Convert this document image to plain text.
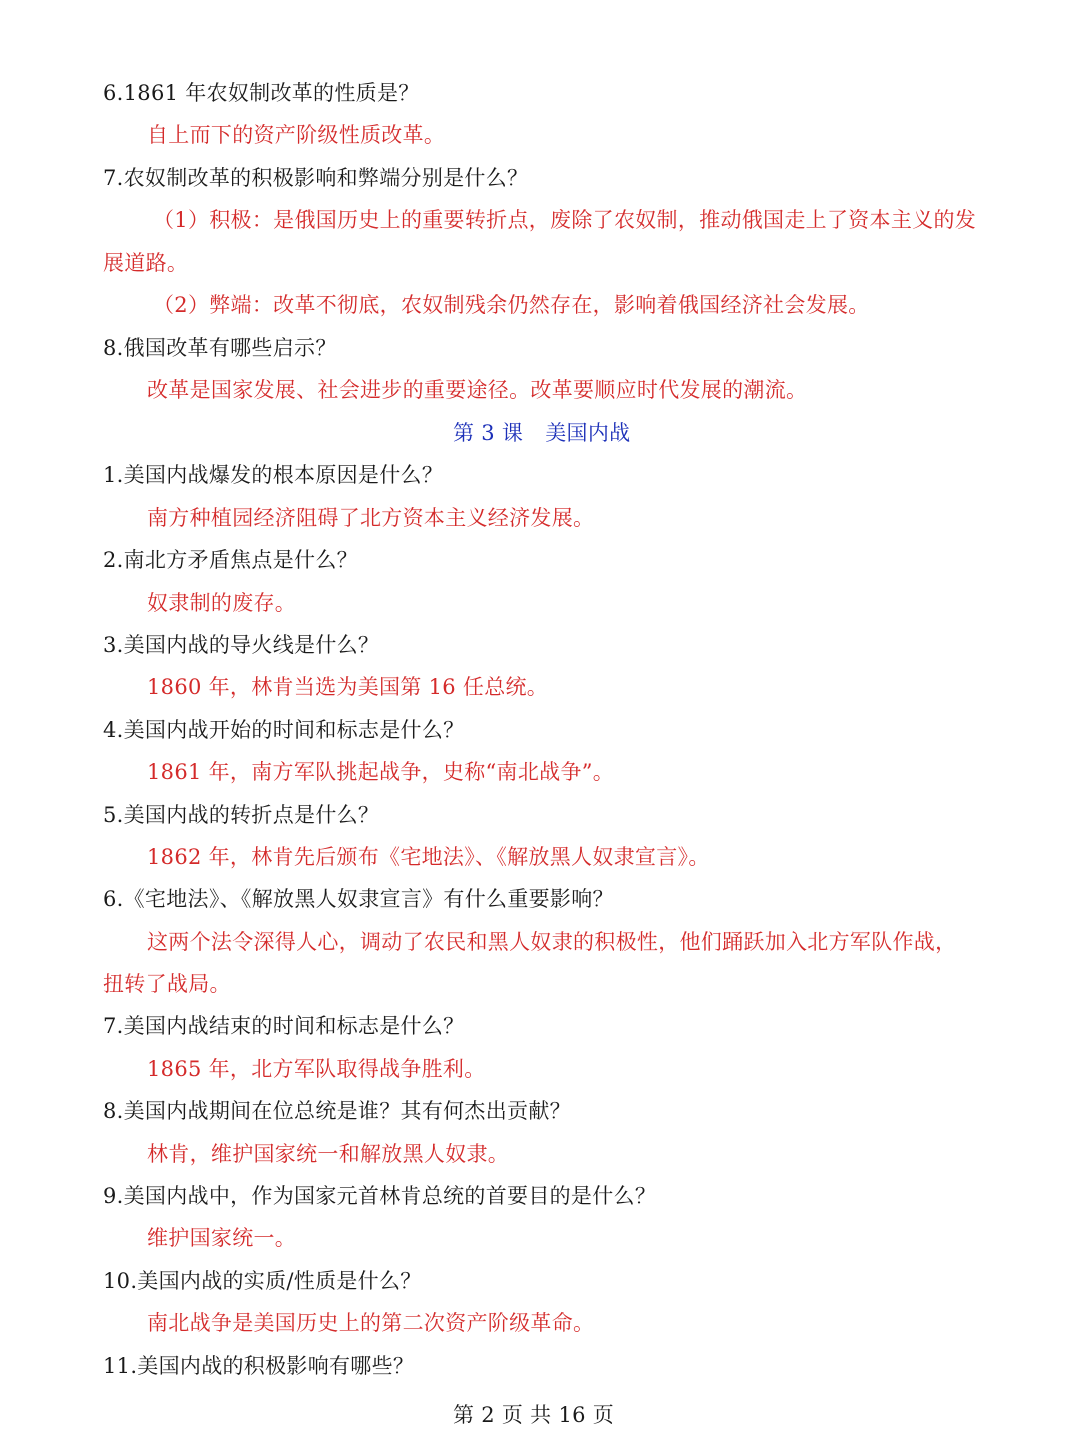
6.1861 年农奴制改革的性质是？
自上而下的资产阶级性质改革。
7.农奴制改革的积极影响和弊端分别是什么？
（1）积极：是俄国历史上的重要转折点，废除了农奴制，推动俄国走上了资本主义的发
展道路。
（2）弊端：改革不彻底，农奴制残余仍然存在，影响着俄国经济社会发展。
8.俄国改革有哪些启示？
改革是国家发展、社会进步的重要途径。改革要顺应时代发展的潮流。
第 3 课 美国内战
1.美国内战爆发的根本原因是什么？
南方种植园经济阻碍了北方资本主义经济发展。
2.南北方矛盾焦点是什么？
奴隶制的废存。
3.美国内战的导火线是什么？
1860 年，林肯当选为美国第 16 任总统。
4.美国内战开始的时间和标志是什么？
1861 年，南方军队挑起战争，史称“南北战争”。
5.美国内战的转折点是什么？
1862 年，林肯先后颁布《宅地法》、《解放黑人奴隶宣言》。
6.《宅地法》、《解放黑人奴隶宣言》有什么重要影响？
这两个法令深得人心，调动了农民和黑人奴隶的积极性，他们踊跃加入北方军队作战，
扭转了战局。
7.美国内战结束的时间和标志是什么？
1865 年，北方军队取得战争胜利。
8.美国内战期间在位总统是谁？其有何杰出贡献？
林肯，维护国家统一和解放黑人奴隶。
9.美国内战中，作为国家元首林肯总统的首要目的是什么？
维护国家统一。
10.美国内战的实质/性质是什么？
南北战争是美国历史上的第二次资产阶级革命。
11.美国内战的积极影响有哪些？
第 2 页 共 16 页
